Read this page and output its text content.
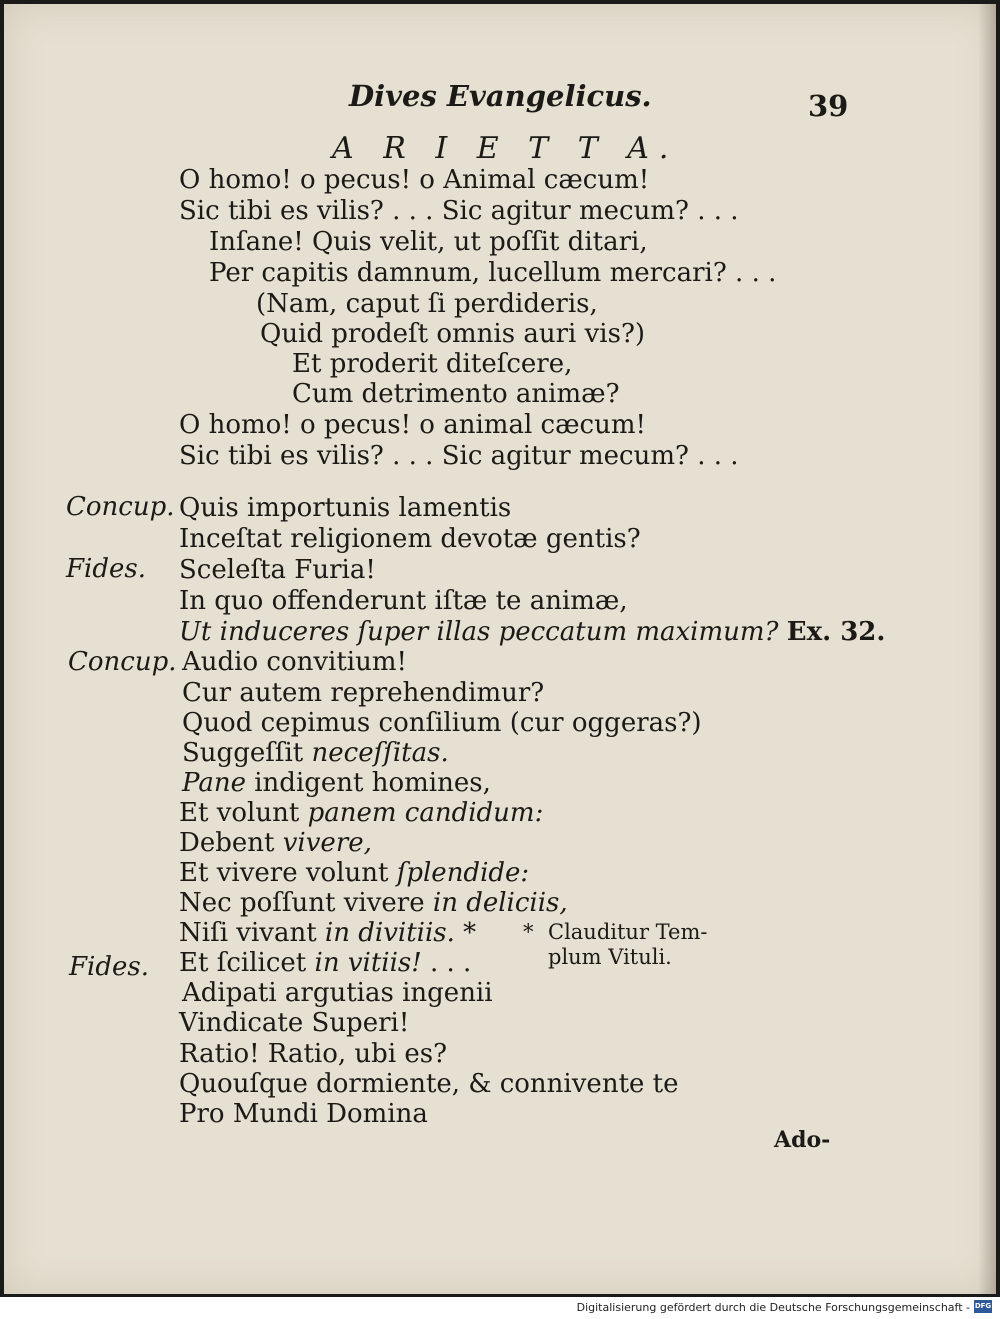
Dives Evangelicus.	39
A R I E T T A.
O homo! o pecus! o Animal cæcum!
Sic tibi es vilis? . . . Sic agitur mecum? . . .
Inſane! Quis velit, ut poſſit ditari,
Per capitis damnum, lucellum mercari? . . .
(Nam, caput ſi perdideris,
Quid prodeſt omnis auri vis?)
Et proderit diteſcere,
Cum detrimento animæ?
O homo! o pecus! o animal cæcum!
Sic tibi es vilis? . . . Sic agitur mecum? . . .
Concup.
Fides.
Concup.
Fides.
Quis importunis lamentis
Inceſtat religionem devotæ gentis?
Sceleſta Furia!
In quo offenderunt iſtæ te animæ,
Ut induceres ſuper illas peccatum maximum? Ex. 32.
Audio convitium!
Cur autem reprehendimur?
Quod cepimus conſilium (cur oggeras?)
Suggeſſit neceſſitas.
Pane indigent homines,
Et volunt panem candidum:
Debent vivere,
Et vivere volunt ſplendide:
Nec poſſunt vivere in deliciis,
Niſi vivant in divitiis. *
Et ſcilicet in vitiis! . . .
Adipati argutias ingenii
Vindicate Superi!
Ratio! Ratio, ubi es?
Quouſque dormiente, & connivente te
Pro Mundi Domina
* Clauditur Tem-
plum Vituli.
Ado-
Digitalisierung gefördert durch die Deutsche Forschungsgemeinschaft - DFG
